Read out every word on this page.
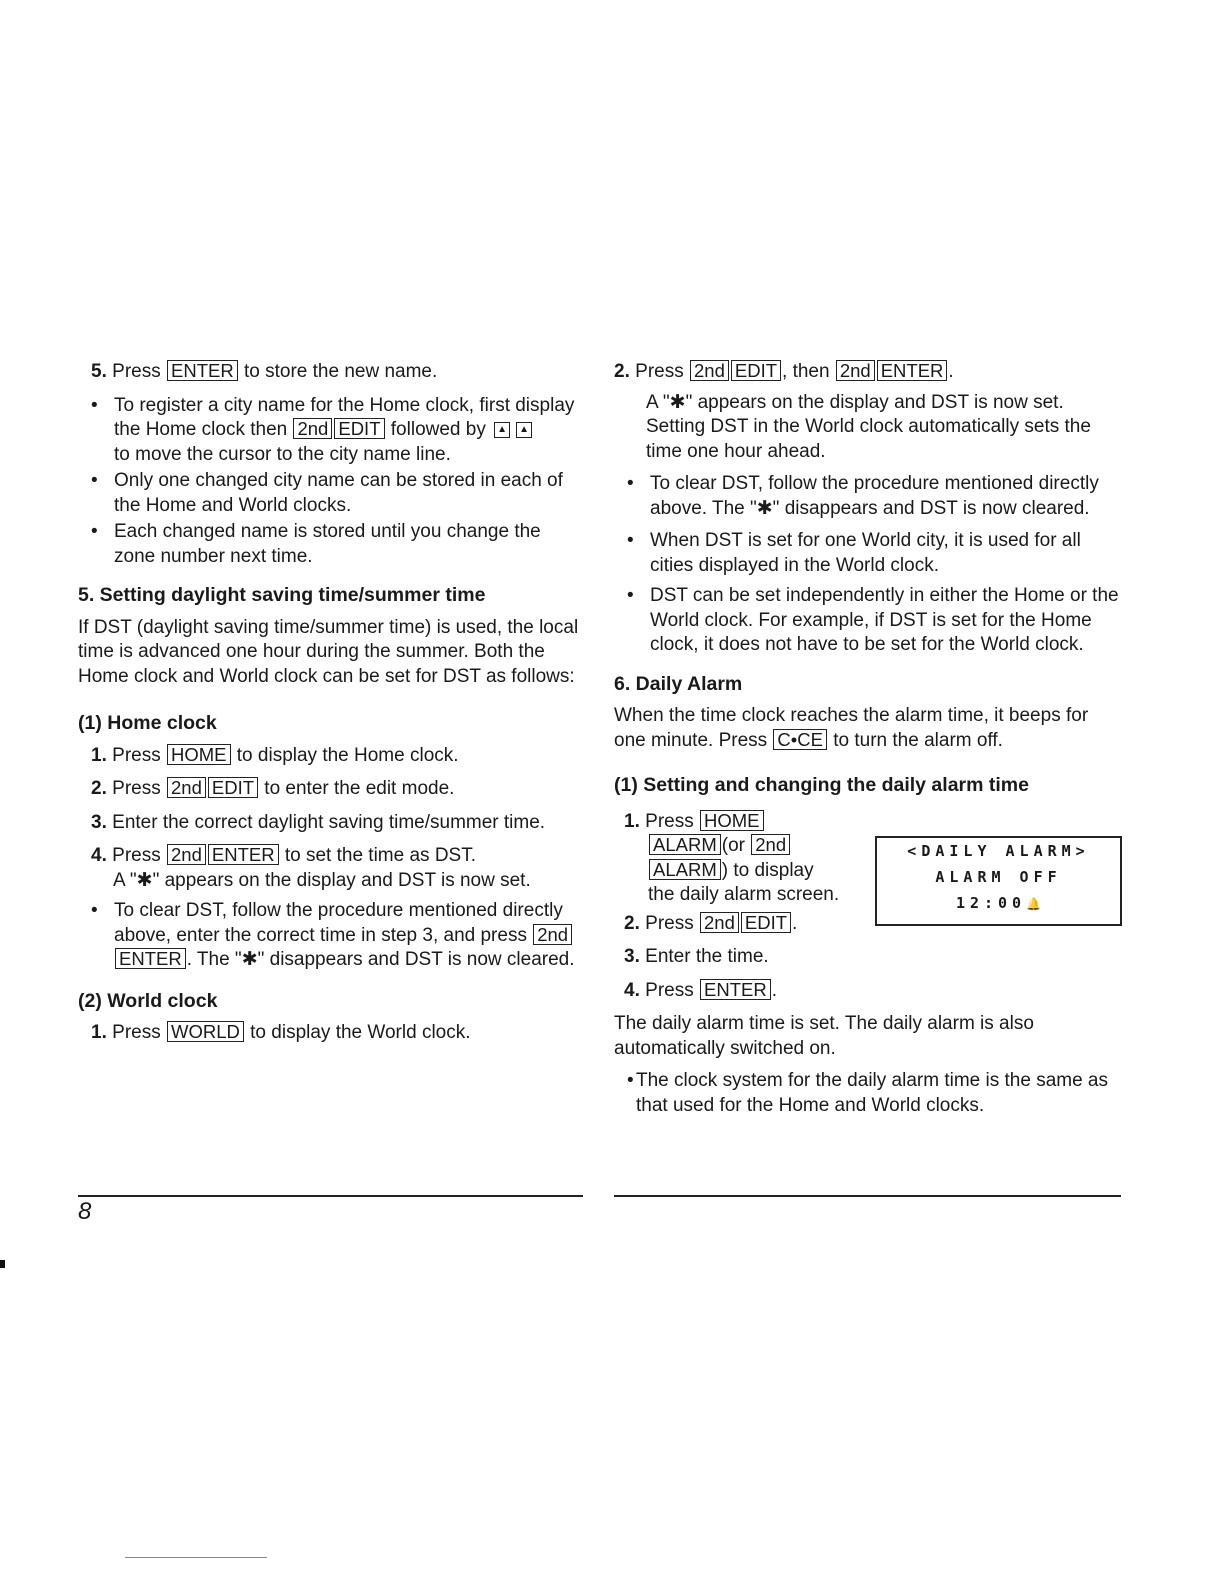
5. Press ENTER to store the new name.

• To register a city name for the Home clock, first display
the Home clock then 2nd EDIT followed by ▲ ▲
to move the cursor to the city name line.
• Only one changed city name can be stored in each of the Home and World clocks.
• Each changed name is stored until you change the zone number next time.
5. Setting daylight saving time/summer time

If DST (daylight saving time/summer time) is used, the local time is advanced one hour during the summer. Both the Home clock and World clock can be set for DST as follows:

(1) Home clock

1. Press HOME to display the Home clock.

2. Press 2nd EDIT to enter the edit mode.

3. Enter the correct daylight saving time/summer time.

4. Press 2nd ENTER to set the time as DST.
A "✱" appears on the display and DST is now set.

• To clear DST, follow the procedure mentioned directly above, enter the correct time in step 3, and press 2ndENTER . The "✱" disappears and DST is now cleared.
(2) World clock

1. Press WORLD to display the World clock.

2. Press 2nd EDIT , then 2nd ENTER .

A "✱" appears on the display and DST is now set. Setting DST in the World clock automatically sets the time one hour ahead.

• To clear DST, follow the procedure mentioned directly above. The "✱" disappears and DST is now cleared.
• When DST is set for one World city, it is used for all cities displayed in the World clock.
• DST can be set independently in either the Home or the World clock. For example, if DST is set for the Home clock, it does not have to be set for the World clock.
6. Daily Alarm

When the time clock reaches the alarm time, it beeps for one minute. Press C•CE to turn the alarm off.

(1) Setting and changing the daily alarm time

1. Press HOME
ALARM (or 2nd
ALARM ) to display
the daily alarm screen.

2. Press 2nd EDIT .

3. Enter the time.

4. Press ENTER .

The daily alarm time is set. The daily alarm is also automatically switched on.

• The clock system for the daily alarm time is the same as that used for the Home and World clocks.
<DAILY ALARM>
ALARM OFF
12:00🔔
8
